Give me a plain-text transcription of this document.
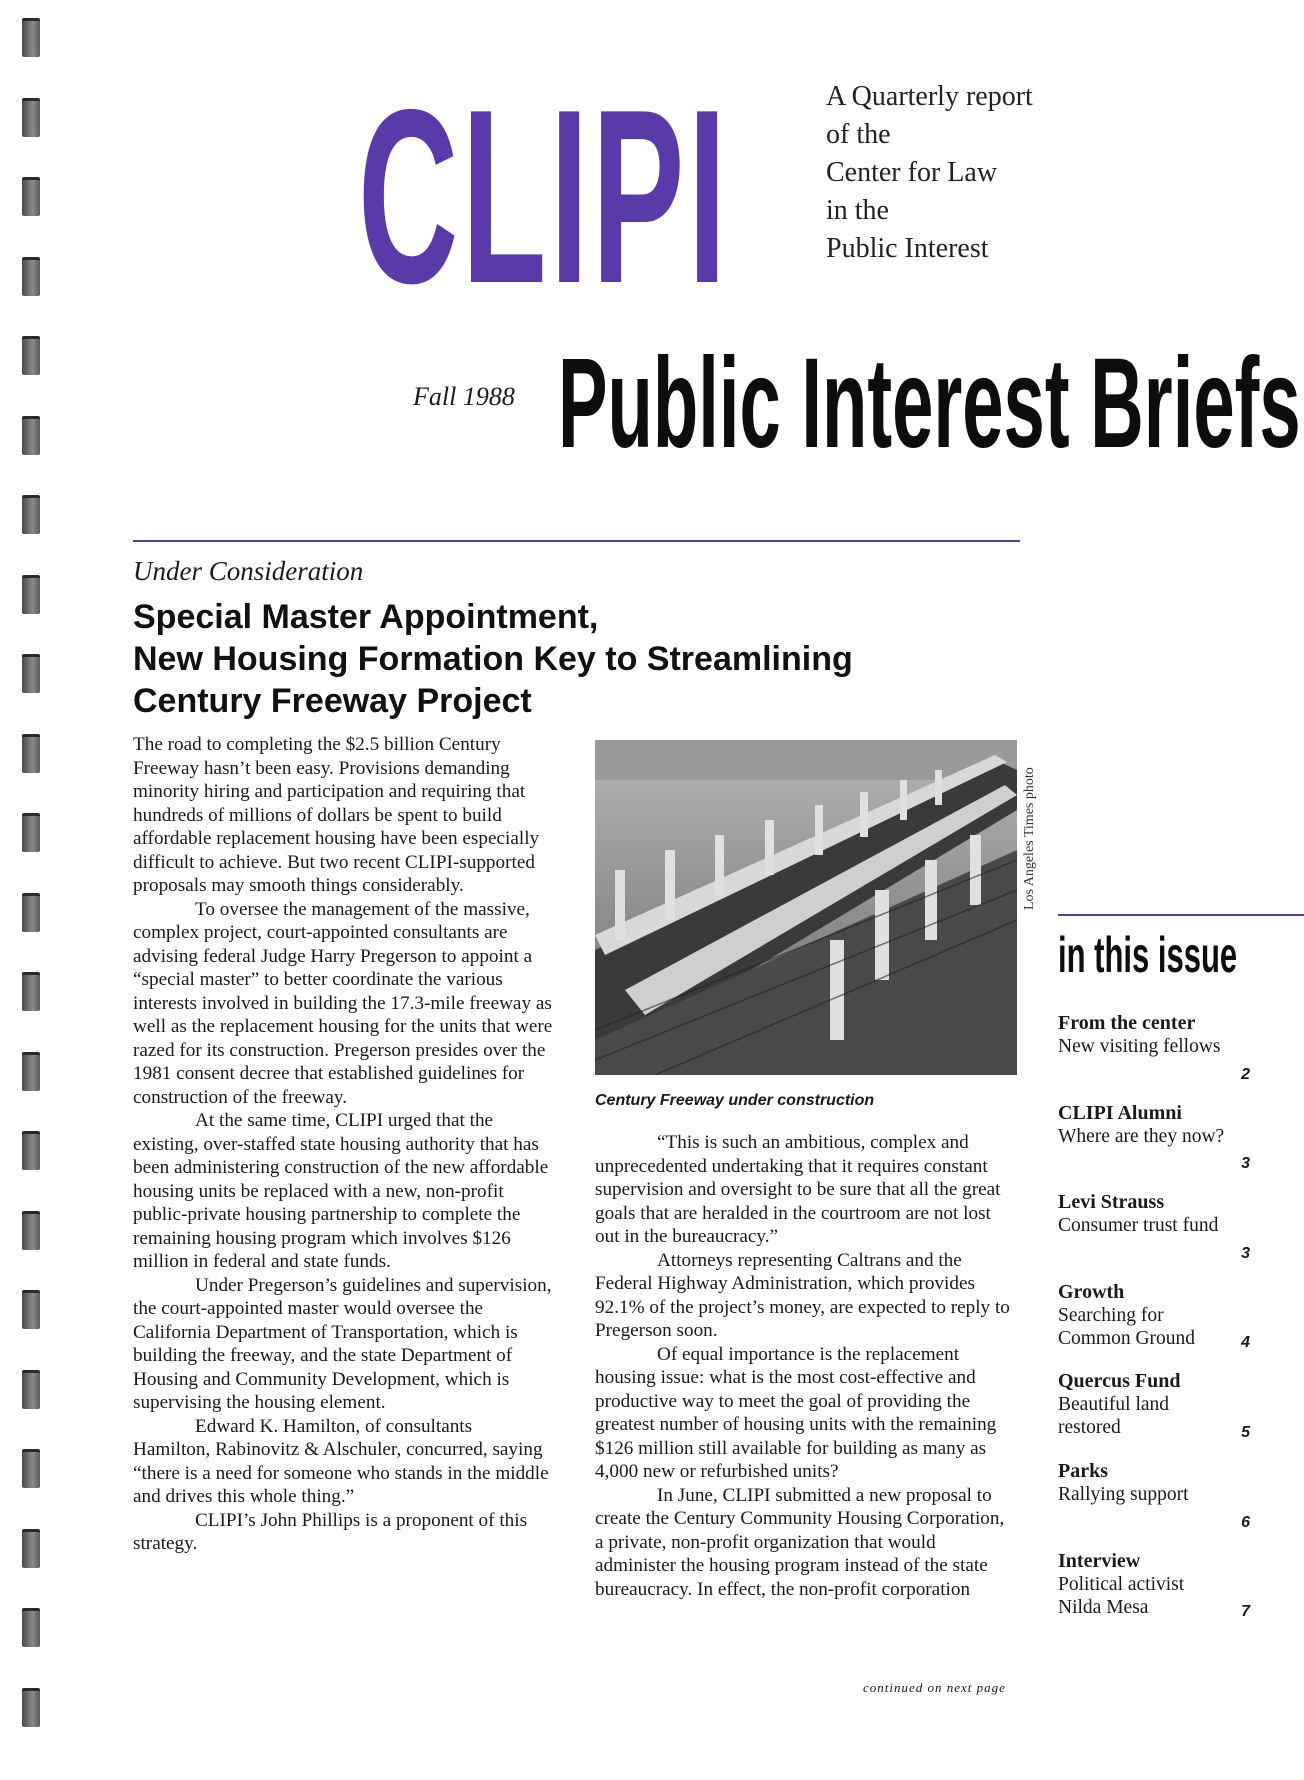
CLIPI	A Quarterly report
of the
Center for Law
in the
Public Interest
Fall 1988 Public Interest Briefs
Under Consideration
Special Master Appointment,
New Housing Formation Key to Streamlining
Century Freeway Project

The road to completing the $2.5 billion Century Freeway hasn’t been easy. Provisions demanding minority hiring and participation and requiring that hundreds of millions of dollars be spent to build affordable replacement housing have been especially difficult to achieve. But two recent CLIPI-supported proposals may smooth things considerably.

To oversee the management of the massive, complex project, court-appointed consultants are advising federal Judge Harry Pregerson to appoint a “special master” to better coordinate the various interests involved in building the 17.3-mile freeway as well as the replacement housing for the units that were razed for its construction. Pregerson presides over the 1981 consent decree that established guidelines for construction of the freeway.

At the same time, CLIPI urged that the existing, over-staffed state housing authority that has been administering construction of the new affordable housing units be replaced with a new, non-profit public-private housing partnership to complete the remaining housing program which involves $126 million in federal and state funds.

Under Pregerson’s guidelines and supervision, the court-appointed master would oversee the California Department of Transportation, which is building the freeway, and the state Department of Housing and Community Development, which is supervising the housing element.

Edward K. Hamilton, of consultants Hamilton, Rabinovitz & Alschuler, concurred, saying “there is a need for someone who stands in the middle and drives this whole thing.”

CLIPI’s John Phillips is a proponent of this strategy.

Los Angeles Times photo
Century Freeway under construction

“This is such an ambitious, complex and unprecedented undertaking that it requires constant supervision and oversight to be sure that all the great goals that are heralded in the courtroom are not lost out in the bureaucracy.”

Attorneys representing Caltrans and the Federal Highway Administration, which provides 92.1% of the project’s money, are expected to reply to Pregerson soon.

Of equal importance is the replacement housing issue: what is the most cost-effective and productive way to meet the goal of providing the greatest number of housing units with the remaining $126 million still available for building as many as 4,000 new or refurbished units?

In June, CLIPI submitted a new proposal to create the Century Community Housing Corporation, a private, non-profit organization that would administer the housing program instead of the state bureaucracy. In effect, the non-profit corporation

continued on next page
in this issue
From the center
New visiting fellows
2
CLIPI Alumni
Where are they now?
3
Levi Strauss
Consumer trust fund
3
Growth
Searching for Common Ground	4
Quercus Fund
Beautiful land restored	5
Parks
Rallying support
6
Interview
Political activist Nilda Mesa	7
